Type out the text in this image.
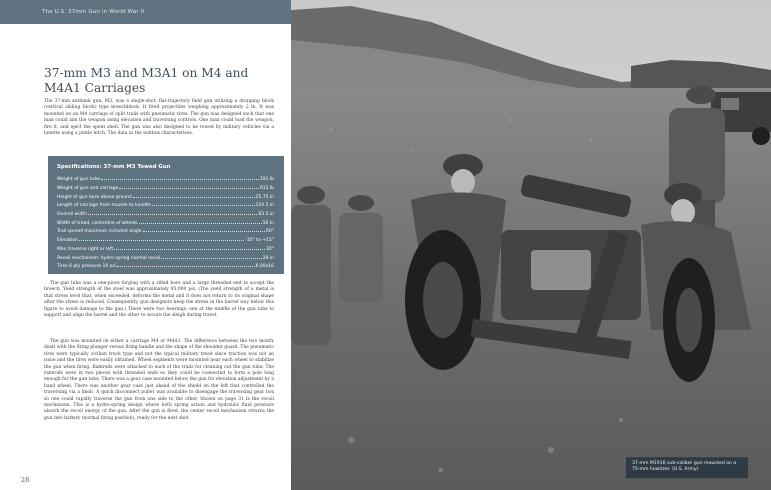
The U.S. 37mm Gun in World War II
37-mm M3 and M3A1 on M4 and M4A1 Carriages

The 37-mm antitank gun, M3, was a single-shot, flat-trajectory field gun utilizing a dropping block (vertical sliding block) type breechblock. It fired projectiles weighing approximately 2 lb. It was mounted on an M4 carriage of split trails with pneumatic tires. The gun was designed such that one man could aim the weapon using elevation and traversing controls. One man could load the weapon, fire it, and eject the spent shell. The gun was also designed to be towed by military vehicles via a lunette using a pintle hitch. The data in the textbox characterizes.

Specifications: 37-mm M3 Towed Gun
Weight of gun tube	191 lb
Weight of gun and carriage	912 lb
Height of gun bore above ground	25.75 in
Length of carriage from muzzle to lunette	154.5 in
Overall width	63.5 in
Width of tread, centerline of wheels	56 in
Trail spread maximum included angle	60°
Elevation	-10° to +15°
Max traverse right or left	30°
Recoil mechanism: hydro-spring normal recoil	20 in
Tires 6 ply pressure 10 psi	6.00x16

The gun tube was a one-piece forging with a rifled bore and a large threaded end to accept the breech. Yield strength of the steel was approximately 95,000 psi. (The yield strength of a metal is that stress level that, when exceeded, deforms the metal and it does not return to its original shape after the stress is reduced. Consequently, gun designers keep the stress in the barrel way below this figure to avoid damage to the gun.) There were two bearings, one at the middle of the gun tube to support and align the barrel and the other to secure the sleigh during travel.

The gun was mounted on either a carriage M4 or M4A1. The difference between the two mostly dealt with the firing plunger versus firing handle and the shape of the shoulder guard. The pneumatic tires were typically civilian truck type and not the typical military tread since traction was not an issue and the tires were easily obtained. Wheel segments were mounted near each wheel to stabilize the gun when firing. Ramrods were attached to each of the trails for cleaning out the gun tube. The ramrods were in two pieces with threaded ends so they could be connected to form a pole long enough for the gun tube. There was a gear case mounted below the gun for elevation adjustment by a hand wheel. There was another gear case just ahead of the shield on the left that controlled the traversing via a knob. A quick disconnect puller was available to disengage the traversing gear box so one could rapidly traverse the gun from one side to the other. Shown on page 31 is the recoil mechanism. This is a hydro-spring design where both spring action and hydraulic fluid pressure absorb the recoil energy of the gun. After the gun is fired, the center recoil mechanism returns the gun into battery (normal firing position), ready for the next shot.

28
37-mm M1916 sub-caliber gun mounted on a 75-mm howitzer. (U.S. Army)
